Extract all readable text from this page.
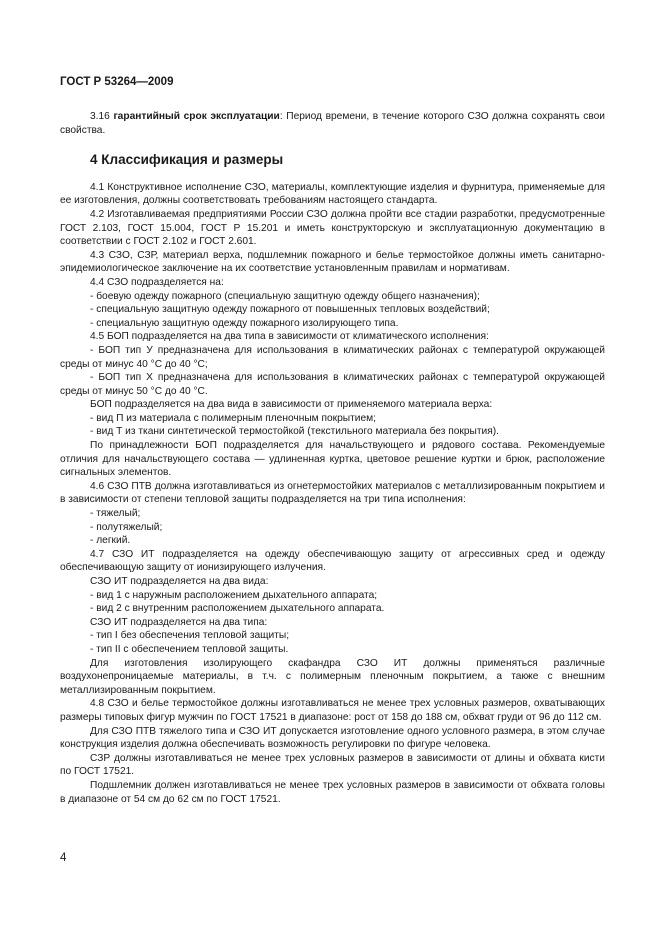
ГОСТ Р 53264—2009

3.16 гарантийный срок эксплуатации: Период времени, в течение которого СЗО должна сохранять свои свойства.

4 Классификация и размеры

4.1 Конструктивное исполнение СЗО, материалы, комплектующие изделия и фурнитура, применяемые для ее изготовления, должны соответствовать требованиям настоящего стандарта.

4.2 Изготавливаемая предприятиями России СЗО должна пройти все стадии разработки, предусмотренные ГОСТ 2.103, ГОСТ 15.004, ГОСТ Р 15.201 и иметь конструкторскую и эксплуатационную документацию в соответствии с ГОСТ 2.102 и ГОСТ 2.601.

4.3 СЗО, СЗР, материал верха, подшлемник пожарного и белье термостойкое должны иметь санитарно-эпидемиологическое заключение на их соответствие установленным правилам и нормативам.

4.4 СЗО подразделяется на:

- боевую одежду пожарного (специальную защитную одежду общего назначения);

- специальную защитную одежду пожарного от повышенных тепловых воздействий;

- специальную защитную одежду пожарного изолирующего типа.

4.5 БОП подразделяется на два типа в зависимости от климатического исполнения:

- БОП тип У предназначена для использования в климатических районах с температурой окружающей среды от минус 40 °С до 40 °С;

- БОП тип X предназначена для использования в климатических районах с температурой окружающей среды от минус 50 °С до 40 °С.

БОП подразделяется на два вида в зависимости от применяемого материала верха:

- вид П из материала с полимерным пленочным покрытием;

- вид Т из ткани синтетической термостойкой (текстильного материала без покрытия).

По принадлежности БОП подразделяется для начальствующего и рядового состава. Рекомендуемые отличия для начальствующего состава — удлиненная куртка, цветовое решение куртки и брюк, расположение сигнальных элементов.

4.6 СЗО ПТВ должна изготавливаться из огнетермостойких материалов с металлизированным покрытием и в зависимости от степени тепловой защиты подразделяется на три типа исполнения:

- тяжелый;

- полутяжелый;

- легкий.

4.7 СЗО ИТ подразделяется на одежду обеспечивающую защиту от агрессивных сред и одежду обеспечивающую защиту от ионизирующего излучения.

СЗО ИТ подразделяется на два вида:

- вид 1 с наружным расположением дыхательного аппарата;

- вид 2 с внутренним расположением дыхательного аппарата.

СЗО ИТ подразделяется на два типа:

- тип I без обеспечения тепловой защиты;

- тип II с обеспечением тепловой защиты.

Для изготовления изолирующего скафандра СЗО ИТ должны применяться различные воздухонепроницаемые материалы, в т.ч. с полимерным пленочным покрытием, а также с внешним металлизированным покрытием.

4.8 СЗО и белье термостойкое должны изготавливаться не менее трех условных размеров, охватывающих размеры типовых фигур мужчин по ГОСТ 17521 в диапазоне: рост от 158 до 188 см, обхват груди от 96 до 112 см.

Для СЗО ПТВ тяжелого типа и СЗО ИТ допускается изготовление одного условного размера, в этом случае конструкция изделия должна обеспечивать возможность регулировки по фигуре человека.

СЗР должны изготавливаться не менее трех условных размеров в зависимости от длины и обхвата кисти по ГОСТ 17521.

Подшлемник должен изготавливаться не менее трех условных размеров в зависимости от обхвата головы в диапазоне от 54 см до 62 см по ГОСТ 17521.

4
